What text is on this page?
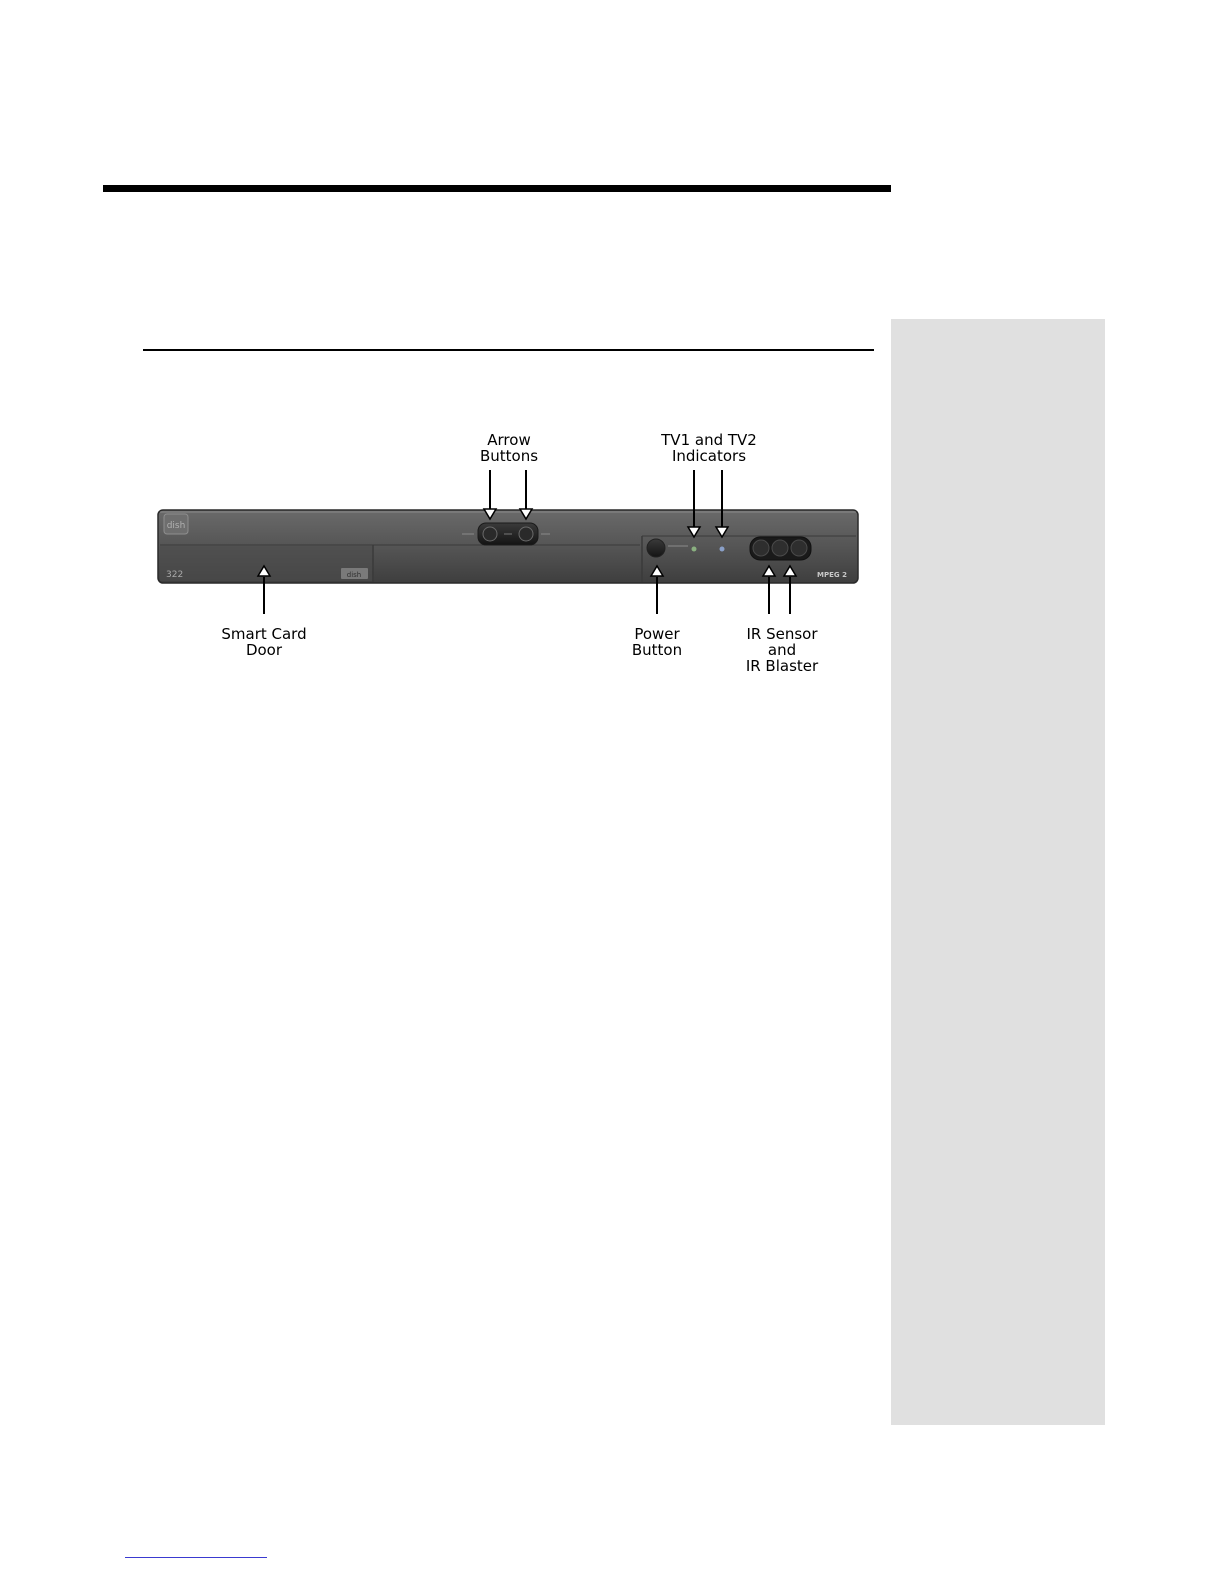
Arrow
Buttons
TV1 and TV2
Indicators
Smart Card
Door
Power
Button
IR Sensor
and
IR Blaster
dish
322	dish	MPEG 2
